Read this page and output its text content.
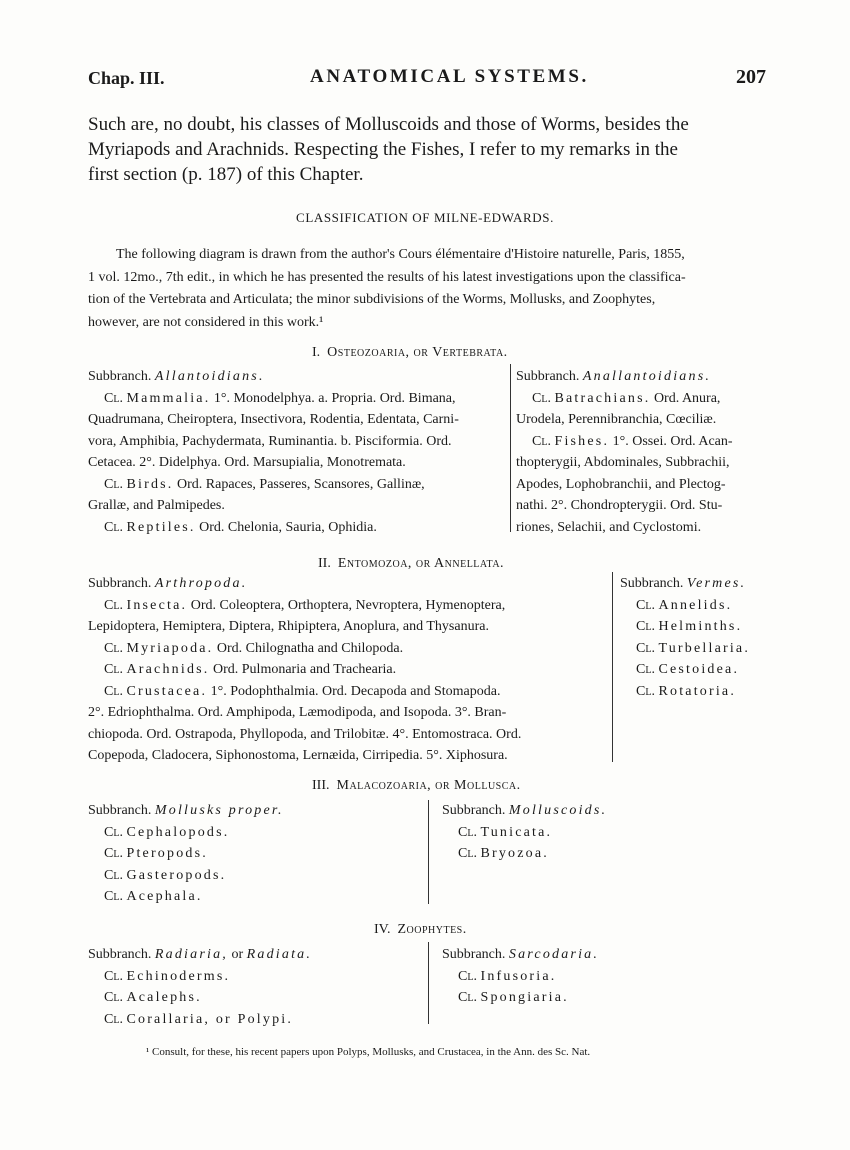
Chap. III.	ANATOMICAL SYSTEMS.	207
Such are, no doubt, his classes of Molluscoids and those of Worms, besides the
Myriapods and Arachnids. Respecting the Fishes, I refer to my remarks in the
first section (p. 187) of this Chapter.
CLASSIFICATION OF MILNE-EDWARDS.
The following diagram is drawn from the author's Cours élémentaire d'Histoire naturelle, Paris, 1855,
1 vol. 12mo., 7th edit., in which he has presented the results of his latest investigations upon the classifica-
tion of the Vertebrata and Articulata; the minor subdivisions of the Worms, Mollusks, and Zoophytes,
however, are not considered in this work.¹
I. Osteozoaria, or Vertebrata.
Subbranch. Allantoidians.
Cl. Mammalia. 1°. Monodelphya. a. Propria. Ord. Bimana,
Quadrumana, Cheiroptera, Insectivora, Rodentia, Edentata, Carni-
vora, Amphibia, Pachydermata, Ruminantia. b. Pisciformia. Ord.
Cetacea. 2°. Didelphya. Ord. Marsupialia, Monotremata.
Cl. Birds. Ord. Rapaces, Passeres, Scansores, Gallinæ,
Grallæ, and Palmipedes.
Cl. Reptiles. Ord. Chelonia, Sauria, Ophidia.
Subbranch. Anallantoidians.
Cl. Batrachians. Ord. Anura,
Urodela, Perennibranchia, Cœciliæ.
Cl. Fishes. 1°. Ossei. Ord. Acan-
thopterygii, Abdominales, Subbrachii,
Apodes, Lophobranchii, and Plectog-
nathi. 2°. Chondropterygii. Ord. Stu-
riones, Selachii, and Cyclostomi.
II. Entomozoa, or Annellata.
Subbranch. Arthropoda.
Cl. Insecta. Ord. Coleoptera, Orthoptera, Nevroptera, Hymenoptera,
Lepidoptera, Hemiptera, Diptera, Rhipiptera, Anoplura, and Thysanura.
Cl. Myriapoda. Ord. Chilognatha and Chilopoda.
Cl. Arachnids. Ord. Pulmonaria and Trachearia.
Cl. Crustacea. 1°. Podophthalmia. Ord. Decapoda and Stomapoda.
2°. Edriophthalma. Ord. Amphipoda, Læmodipoda, and Isopoda. 3°. Bran-
chiopoda. Ord. Ostrapoda, Phyllopoda, and Trilobitæ. 4°. Entomostraca. Ord.
Copepoda, Cladocera, Siphonostoma, Lernæida, Cirripedia. 5°. Xiphosura.
Subbranch. Vermes.
Cl. Annelids.
Cl. Helminths.
Cl. Turbellaria.
Cl. Cestoidea.
Cl. Rotatoria.
III. Malacozoaria, or Mollusca.
Subbranch. Mollusks proper.
Cl. Cephalopods.
Cl. Pteropods.
Cl. Gasteropods.
Cl. Acephala.
Subbranch. Molluscoids.
Cl. Tunicata.
Cl. Bryozoa.
IV. Zoophytes.
Subbranch. Radiaria, or Radiata.
Cl. Echinoderms.
Cl. Acalephs.
Cl. Corallaria, or Polypi.
Subbranch. Sarcodaria.
Cl. Infusoria.
Cl. Spongiaria.
¹ Consult, for these, his recent papers upon Polyps, Mollusks, and Crustacea, in the Ann. des Sc. Nat.
